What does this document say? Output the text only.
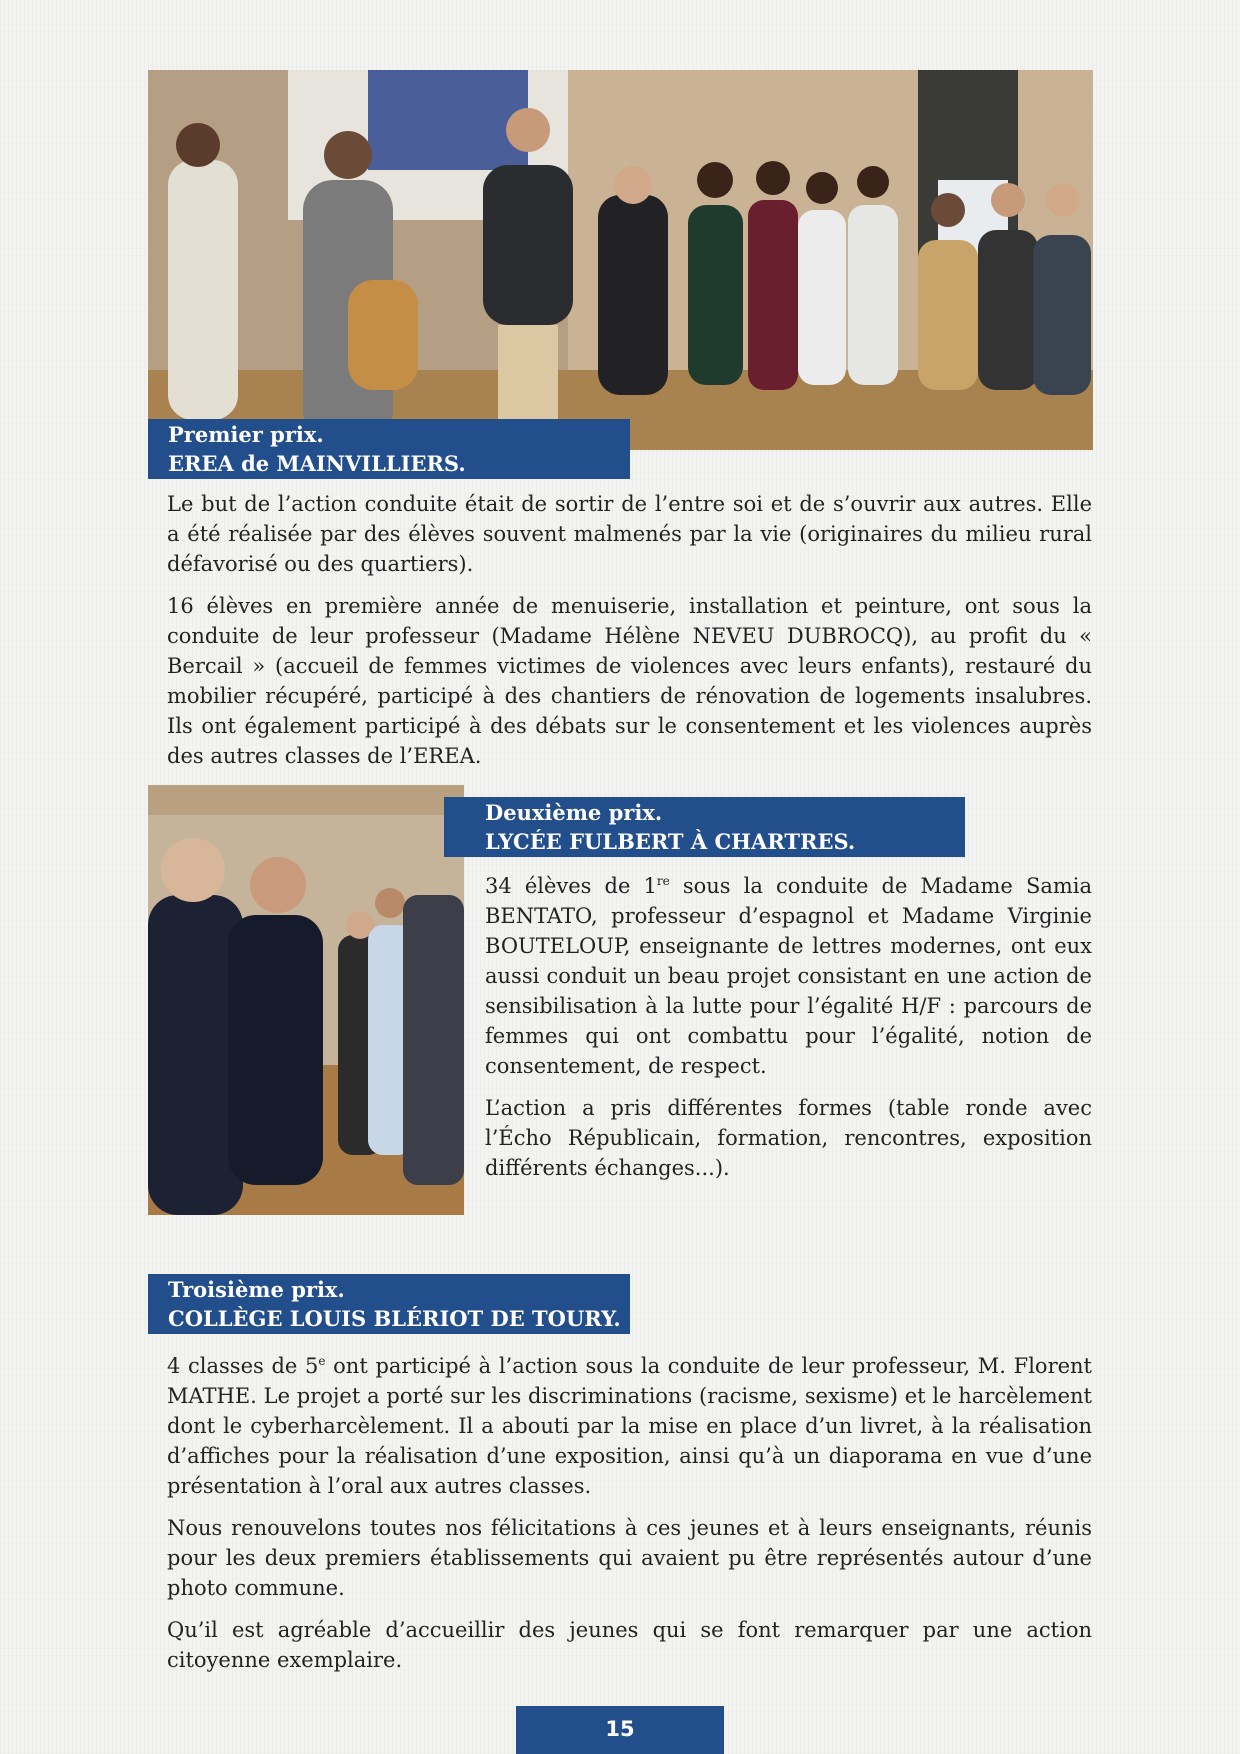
Premier prix.
EREA de MAINVILLIERS.

Le but de l’action conduite était de sortir de l’entre soi et de s’ouvrir aux autres. Elle a été réalisée par des élèves souvent malmenés par la vie (originaires du milieu rural défavorisé ou des quartiers).

16 élèves en première année de menuiserie, installation et peinture, ont sous la conduite de leur professeur (Madame Hélène NEVEU DUBROCQ), au profit du « Bercail » (accueil de femmes victimes de violences avec leurs enfants), restauré du mobilier récupéré, participé à des chantiers de rénovation de logements insalubres. Ils ont également participé à des débats sur le consentement et les violences auprès des autres classes de l’EREA.

Deuxième prix.
LYCÉE FULBERT À CHARTRES.

34 élèves de 1re sous la conduite de Madame Samia BENTATO, professeur d’espagnol et Madame Virginie BOUTELOUP, enseignante de lettres modernes, ont eux aussi conduit un beau projet consistant en une action de sensibilisation à la lutte pour l’égalité H/F : parcours de femmes qui ont combattu pour l’égalité, notion de consentement, de respect.

L’action a pris différentes formes (table ronde avec l’Écho Républicain, formation, rencontres, exposition différents échanges...).

Troisième prix.
COLLÈGE LOUIS BLÉRIOT DE TOURY.

4 classes de 5e ont participé à l’action sous la conduite de leur professeur, M. Florent MATHE. Le projet a porté sur les discriminations (racisme, sexisme) et le harcèlement dont le cyberharcèlement. Il a abouti par la mise en place d’un livret, à la réalisation d’affiches pour la réalisation d’une exposition, ainsi qu’à un diaporama en vue d’une présentation à l’oral aux autres classes.

Nous renouvelons toutes nos félicitations à ces jeunes et à leurs enseignants, réunis pour les deux premiers établissements qui avaient pu être représentés autour d’une photo commune.

Qu’il est agréable d’accueillir des jeunes qui se font remarquer par une action citoyenne exemplaire.

15
